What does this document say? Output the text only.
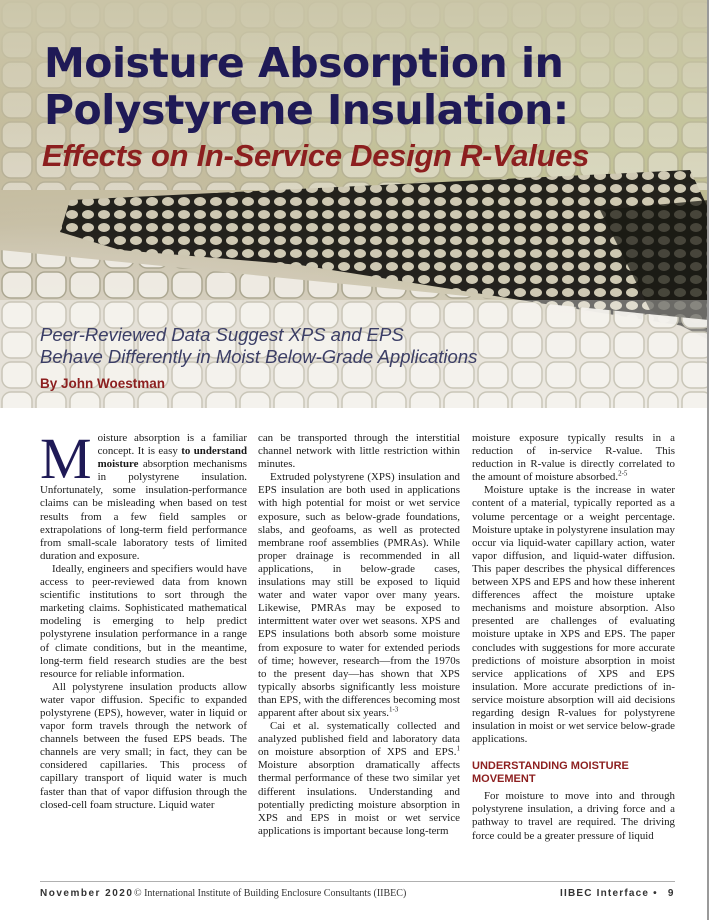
Moisture Absorption in
Polystyrene Insulation:
Effects on In-Service Design R-Values

Peer-Reviewed Data Suggest XPS and EPS
Behave Differently in Moist Below-Grade Applications

By John Woestman

Moisture absorption is a familiar concept. It is easy to understand moisture absorption mechanisms in polystyrene insulation. Unfortunately, some insulation-performance claims can be misleading when based on test results from a few field samples or extrapolations of long-term field performance from small-scale laboratory tests of limited duration and exposure.

Ideally, engineers and specifiers would have access to peer-reviewed data from known scientific institutions to sort through the marketing claims. Sophisticated mathematical modeling is emerging to help predict polystyrene insulation performance in a range of climate conditions, but in the meantime, long-term field research studies are the best resource for reliable information.

All polystyrene insulation products allow water vapor diffusion. Specific to expanded polystyrene (EPS), however, water in liquid or vapor form travels through the network of channels between the fused EPS beads. The channels are very small; in fact, they can be considered capillaries. This process of capillary transport of liquid water is much faster than that of vapor diffusion through the closed-cell foam structure. Liquid water

can be transported through the interstitial channel network with little restriction within minutes.

Extruded polystyrene (XPS) insulation and EPS insulation are both used in applications with high potential for moist or wet service exposure, such as below-grade foundations, slabs, and geofoams, as well as protected membrane roof assemblies (PMRAs). While proper drainage is recommended in all applications, in below-grade cases, insulations may still be exposed to liquid water and water vapor over many years. Likewise, PMRAs may be exposed to intermittent water over wet seasons. XPS and EPS insulations both absorb some moisture from exposure to water for extended periods of time; however, research—from the 1970s to the present day—has shown that XPS typically absorbs significantly less moisture than EPS, with the differences becoming most apparent after about six years.$^{1-3}$

Cai et al. systematically collected and analyzed published field and laboratory data on moisture absorption of XPS and EPS.$^1$ Moisture absorption dramatically affects thermal performance of these two similar yet different insulations. Understanding and potentially predicting moisture absorption in XPS and EPS in moist or wet service applications is important because long-term

moisture exposure typically results in a reduction of in-service R-value. This reduction in R-value is directly correlated to the amount of moisture absorbed.$^{2-5}$

Moisture uptake is the increase in water content of a material, typically reported as a volume percentage or a weight percentage. Moisture uptake in polystyrene insulation may occur via liquid-water capillary action, water vapor diffusion, and liquid-water diffusion. This paper describes the physical differences between XPS and EPS and how these inherent differences affect the moisture uptake mechanisms and moisture absorption. Also presented are challenges of evaluating moisture uptake in XPS and EPS. The paper concludes with suggestions for more accurate predictions of moisture absorption in moist service applications of XPS and EPS insulation. More accurate predictions of in-service moisture absorption will aid decisions regarding design R-values for polystyrene insulation in moist or wet service below-grade applications.

UNDERSTANDING MOISTURE
MOVEMENT

For moisture to move into and through polystyrene insulation, a driving force and a pathway to travel are required. The driving force could be a greater pressure of liquid

November 2020 © International Institute of Building Enclosure Consultants (IIBEC)	IIBEC Interface • 9
